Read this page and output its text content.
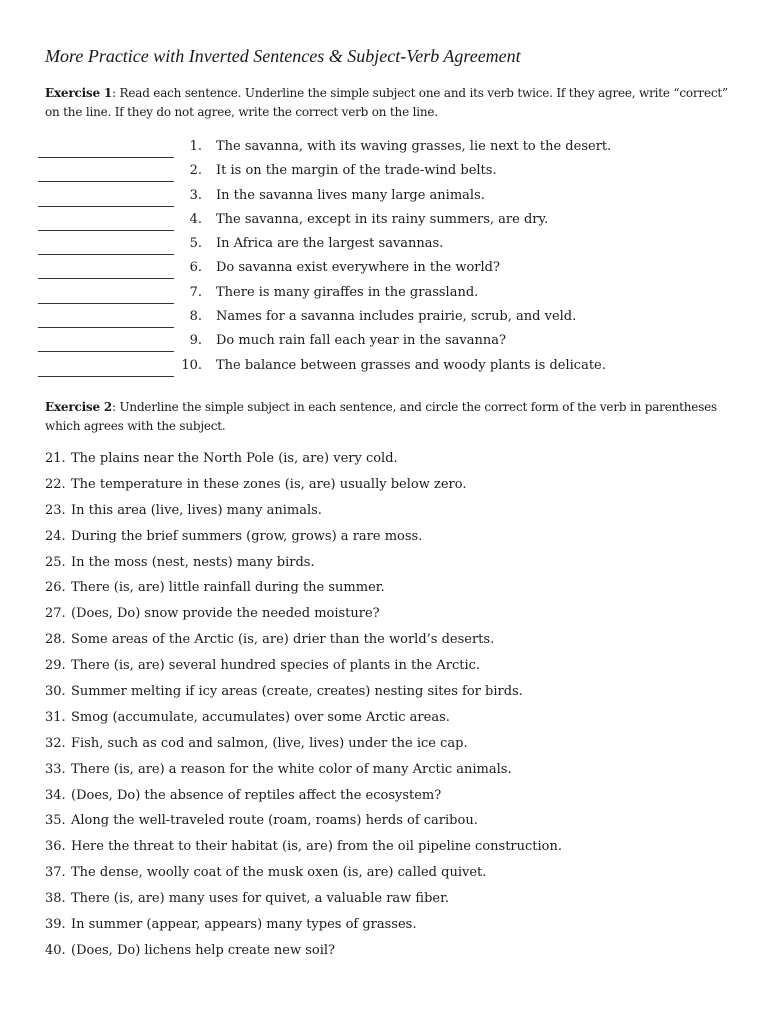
More Practice with Inverted Sentences & Subject-Verb Agreement
Exercise 1: Read each sentence. Underline the simple subject one and its verb twice. If they agree, write “correct”
on the line. If they do not agree, write the correct verb on the line.
1. The savanna, with its waving grasses, lie next to the desert.
2. It is on the margin of the trade-wind belts.
3. In the savanna lives many large animals.
4. The savanna, except in its rainy summers, are dry.
5. In Africa are the largest savannas.
6. Do savanna exist everywhere in the world?
7. There is many giraffes in the grassland.
8. Names for a savanna includes prairie, scrub, and veld.
9. Do much rain fall each year in the savanna?
10. The balance between grasses and woody plants is delicate.
Exercise 2: Underline the simple subject in each sentence, and circle the correct form of the verb in parentheses
which agrees with the subject.
21. The plains near the North Pole (is, are) very cold.
22. The temperature in these zones (is, are) usually below zero.
23. In this area (live, lives) many animals.
24. During the brief summers (grow, grows) a rare moss.
25. In the moss (nest, nests) many birds.
26. There (is, are) little rainfall during the summer.
27. (Does, Do) snow provide the needed moisture?
28. Some areas of the Arctic (is, are) drier than the world’s deserts.
29. There (is, are) several hundred species of plants in the Arctic.
30. Summer melting if icy areas (create, creates) nesting sites for birds.
31. Smog (accumulate, accumulates) over some Arctic areas.
32. Fish, such as cod and salmon, (live, lives) under the ice cap.
33. There (is, are) a reason for the white color of many Arctic animals.
34. (Does, Do) the absence of reptiles affect the ecosystem?
35. Along the well-traveled route (roam, roams) herds of caribou.
36. Here the threat to their habitat (is, are) from the oil pipeline construction.
37. The dense, woolly coat of the musk oxen (is, are) called quivet.
38. There (is, are) many uses for quivet, a valuable raw fiber.
39. In summer (appear, appears) many types of grasses.
40. (Does, Do) lichens help create new soil?
